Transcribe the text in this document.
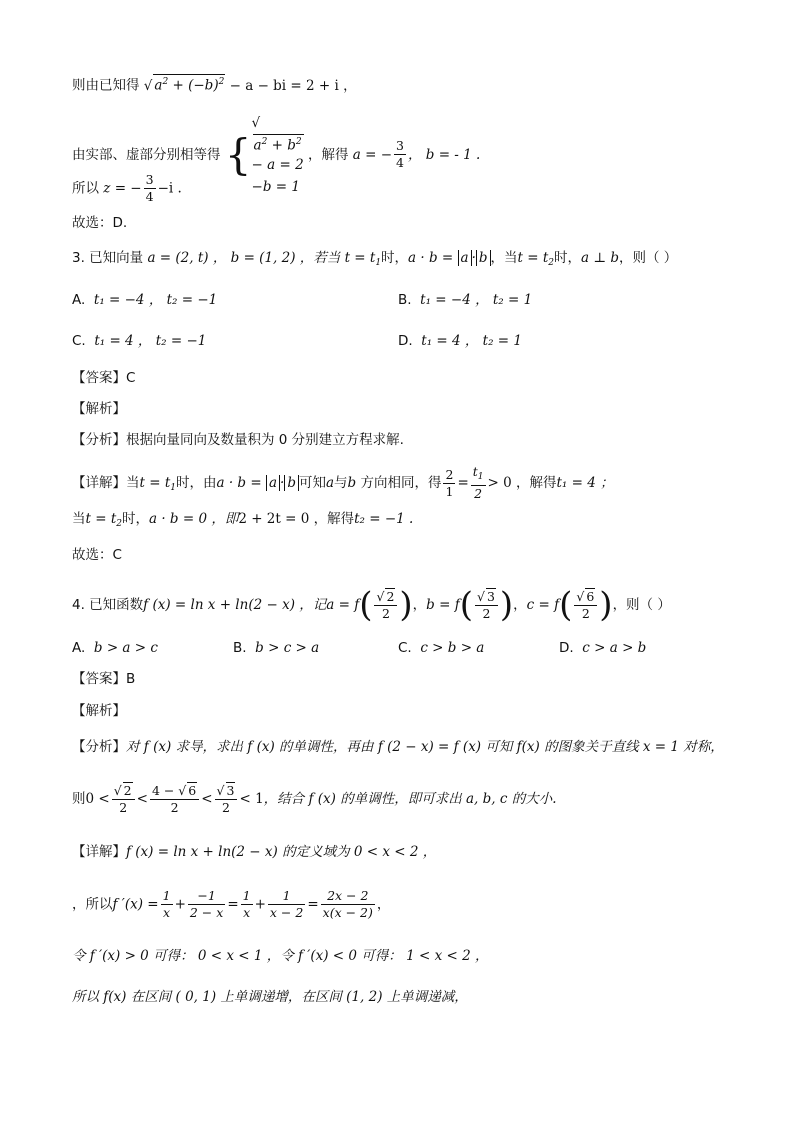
则由已知得 √ $a^2 + (-b)^2 - a$ − bi = 2 + i ，
由实部、虚部分别相等得 {
√
$a^2 + b^2$
− a = 2
−b = 1
，解得 a = − $\frac{3}{4}$ ， b = - 1 .
所以 z = − $\frac{3}{4} -i$ .
故选：D.
3. 已知向量 a = (2, t) ， b = (1, 2) ，若当 $t = t_1$时，a · b = a · b ，当$t = t_2$时，a ⊥ b，则（ ）
A. t₁ = −4 ， t₂ = −1	B. t₁ = −4 ， t₂ = 1
C. t₁ = 4 ， t₂ = −1	D. t₁ = 4 ， t₂ = 1
【答案】C
【解析】
【分析】根据向量同向及数量积为 0 分别建立方程求解.
【详解】当$t = t_1$时，由a · b = a · b 可知a与b 方向相同，得 $\frac{2}{1} = \frac{t_1}{2} > 0$ ，解得t₁ = 4 ；
当$t = t_2$时，a · b = 0 ，即2 + 2t = 0 ，解得t₂ = −1 .
故选：C
4. 已知函数f (x) = ln x + ln(2 − x) ，记$a = f( \frac{√ 2}{2}$ )，$b = f( \frac{√ 3}{2}$ )，$c = f( \frac{√ 6}{2}$ )，则（ ）
A. b > a > c	B. b > c > a	C. c > b > a	D. c > a > b
【答案】B
【解析】
【分析】对 f (x) 求导，求出 f (x) 的单调性，再由 f (2 − x) = f (x) 可知 f(x) 的图象关于直线 x = 1 对称，
则$0 < \frac{√ 2}{2} < \frac{4 - √ 6}{2} < \frac{√ 3}{2} < 1$，结合 f (x) 的单调性，即可求出 a, b, c 的大小.
【详解】f (x) = ln x + ln(2 − x) 的定义域为 0 < x < 2 ，
，所以f $'(x) = \frac{1}{x} + \frac{-1}{2 - x} = \frac{1}{x} + \frac{1}{x - 2} = \frac{2x - 2}{x(x - 2)}$ ，
令 f ′(x) > 0 可得： 0 < x < 1 ，令 f ′(x) < 0 可得： 1 < x < 2 ，
所以 f(x) 在区间 ( 0, 1) 上单调递增，在区间 (1, 2) 上单调递减，
